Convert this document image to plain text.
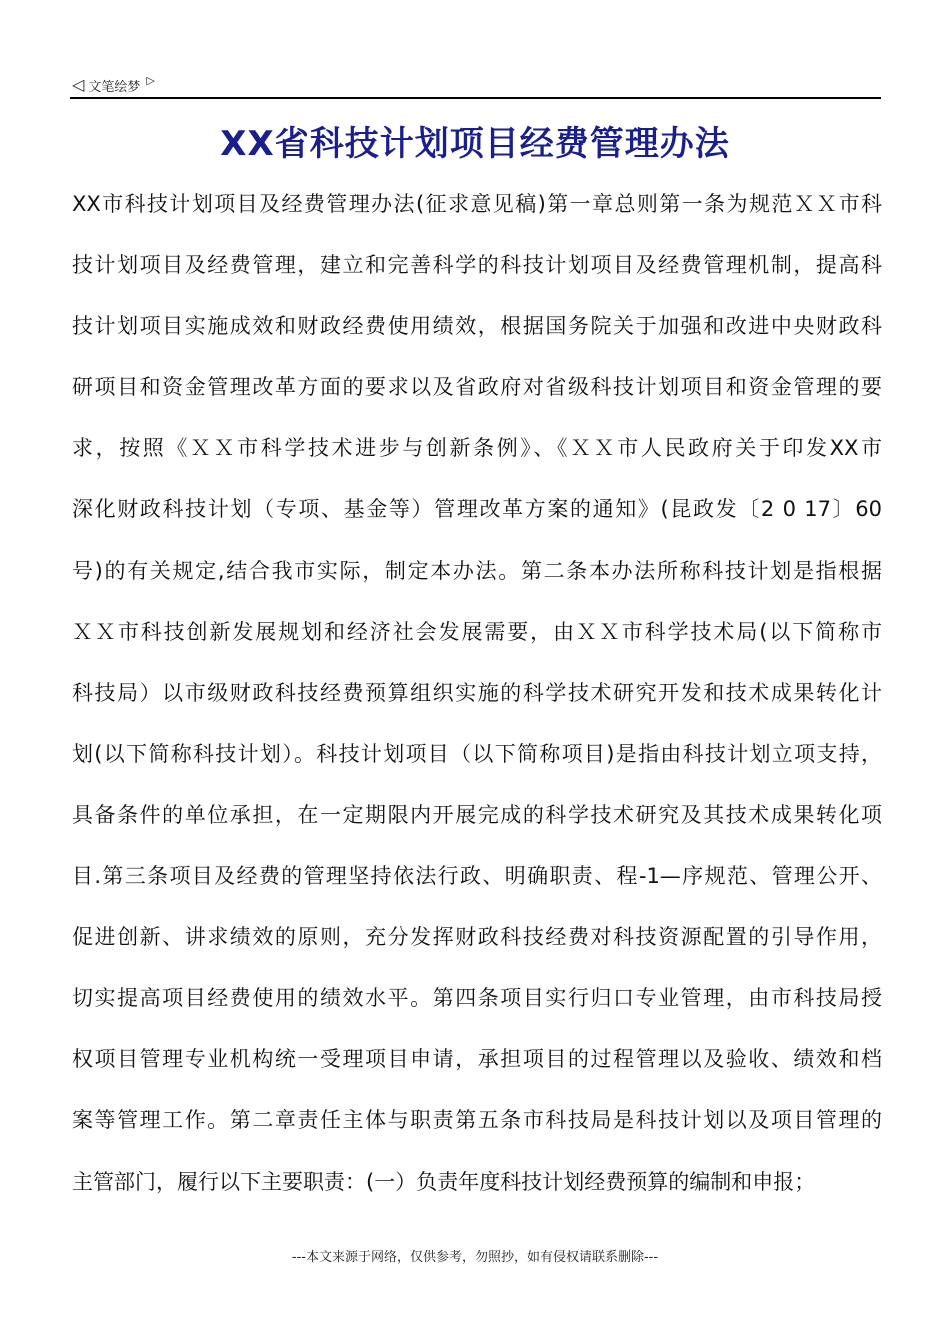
◁ 文笔绘梦 ▷
XX省科技计划项目经费管理办法
XX市科技计划项目及经费管理办法(征求意见稿)第一章总则第一条为规范ＸＸ市科
技计划项目及经费管理，建立和完善科学的科技计划项目及经费管理机制，提高科
技计划项目实施成效和财政经费使用绩效，根据国务院关于加强和改进中央财政科
研项目和资金管理改革方面的要求以及省政府对省级科技计划项目和资金管理的要
求，按照《ＸＸ市科学技术进步与创新条例》、《ＸＸ市人民政府关于印发XX市
深化财政科技计划（专项、基金等）管理改革方案的通知》(昆政发〔2 0 17〕60
号)的有关规定,结合我市实际，制定本办法。第二条本办法所称科技计划是指根据
ＸＸ市科技创新发展规划和经济社会发展需要，由ＸＸ市科学技术局(以下简称市
科技局）以市级财政科技经费预算组织实施的科学技术研究开发和技术成果转化计
划(以下简称科技计划）。科技计划项目（以下简称项目)是指由科技计划立项支持，
具备条件的单位承担，在一定期限内开展完成的科学技术研究及其技术成果转化项
目.第三条项目及经费的管理坚持依法行政、明确职责、程-1—序规范、管理公开、
促进创新、讲求绩效的原则，充分发挥财政科技经费对科技资源配置的引导作用，
切实提高项目经费使用的绩效水平。第四条项目实行归口专业管理，由市科技局授
权项目管理专业机构统一受理项目申请，承担项目的过程管理以及验收、绩效和档
案等管理工作。第二章责任主体与职责第五条市科技局是科技计划以及项目管理的
主管部门，履行以下主要职责：(一）负责年度科技计划经费预算的编制和申报；
---本文来源于网络，仅供参考，勿照抄，如有侵权请联系删除---
